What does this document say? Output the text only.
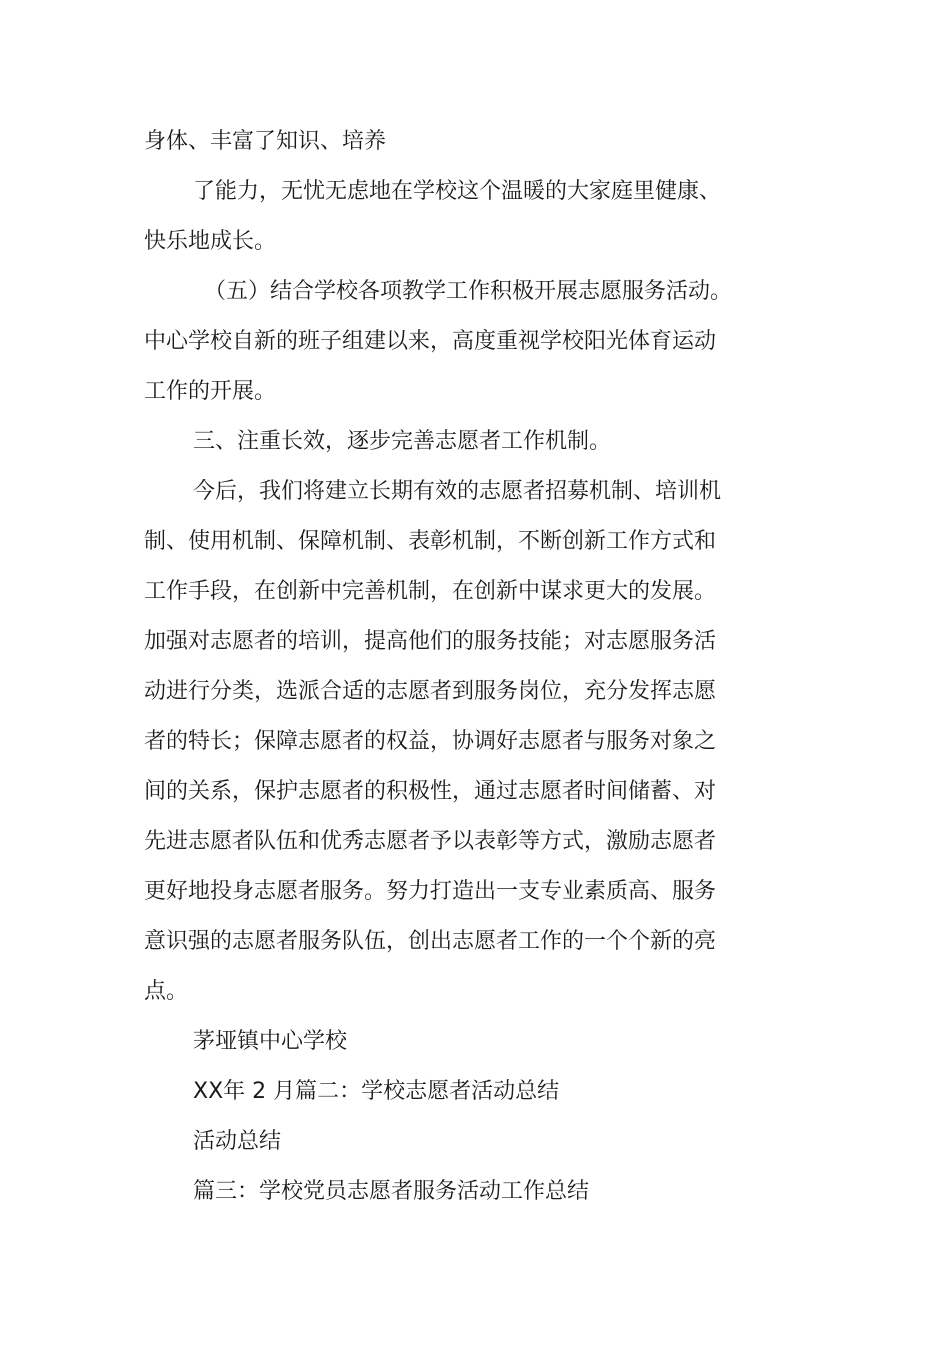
身体、丰富了知识、培养
了能力，无忧无虑地在学校这个温暖的大家庭里健康、
快乐地成长。
（五）结合学校各项教学工作积极开展志愿服务活动。
中心学校自新的班子组建以来，高度重视学校阳光体育运动
工作的开展。
三、注重长效，逐步完善志愿者工作机制。
今后，我们将建立长期有效的志愿者招募机制、培训机
制、使用机制、保障机制、表彰机制，不断创新工作方式和
工作手段，在创新中完善机制，在创新中谋求更大的发展。
加强对志愿者的培训，提高他们的服务技能；对志愿服务活
动进行分类，选派合适的志愿者到服务岗位，充分发挥志愿
者的特长；保障志愿者的权益，协调好志愿者与服务对象之
间的关系，保护志愿者的积极性，通过志愿者时间储蓄、对
先进志愿者队伍和优秀志愿者予以表彰等方式，激励志愿者
更好地投身志愿者服务。努力打造出一支专业素质高、服务
意识强的志愿者服务队伍，创出志愿者工作的一个个新的亮
点。
茅垭镇中心学校
XX年 2 月篇二：学校志愿者活动总结
活动总结
篇三：学校党员志愿者服务活动工作总结
